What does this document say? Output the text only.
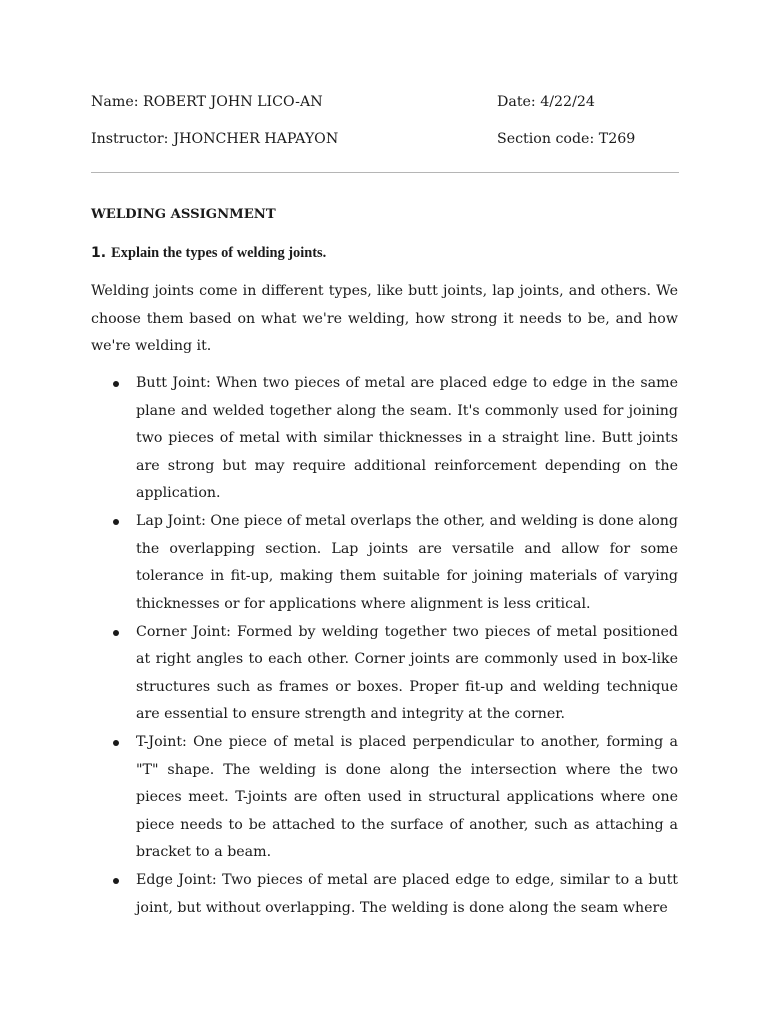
Name: ROBERT JOHN LICO-AN	Date: 4/22/24
Instructor: JHONCHER HAPAYON	Section code: T269
WELDING ASSIGNMENT
1. Explain the types of welding joints.

Welding joints come in different types, like butt joints, lap joints, and others. We choose them based on what we're welding, how strong it needs to be, and how we're welding it.

Butt Joint: When two pieces of metal are placed edge to edge in the same plane and welded together along the seam. It's commonly used for joining two pieces of metal with similar thicknesses in a straight line. Butt joints are strong but may require additional reinforcement depending on the application.
Lap Joint: One piece of metal overlaps the other, and welding is done along the overlapping section. Lap joints are versatile and allow for some tolerance in fit-up, making them suitable for joining materials of varying thicknesses or for applications where alignment is less critical.
Corner Joint: Formed by welding together two pieces of metal positioned at right angles to each other. Corner joints are commonly used in box-like structures such as frames or boxes. Proper fit-up and welding technique are essential to ensure strength and integrity at the corner.
T-Joint: One piece of metal is placed perpendicular to another, forming a "T" shape. The welding is done along the intersection where the two pieces meet. T-joints are often used in structural applications where one piece needs to be attached to the surface of another, such as attaching a bracket to a beam.
Edge Joint: Two pieces of metal are placed edge to edge, similar to a butt joint, but without overlapping. The welding is done along the seam where
